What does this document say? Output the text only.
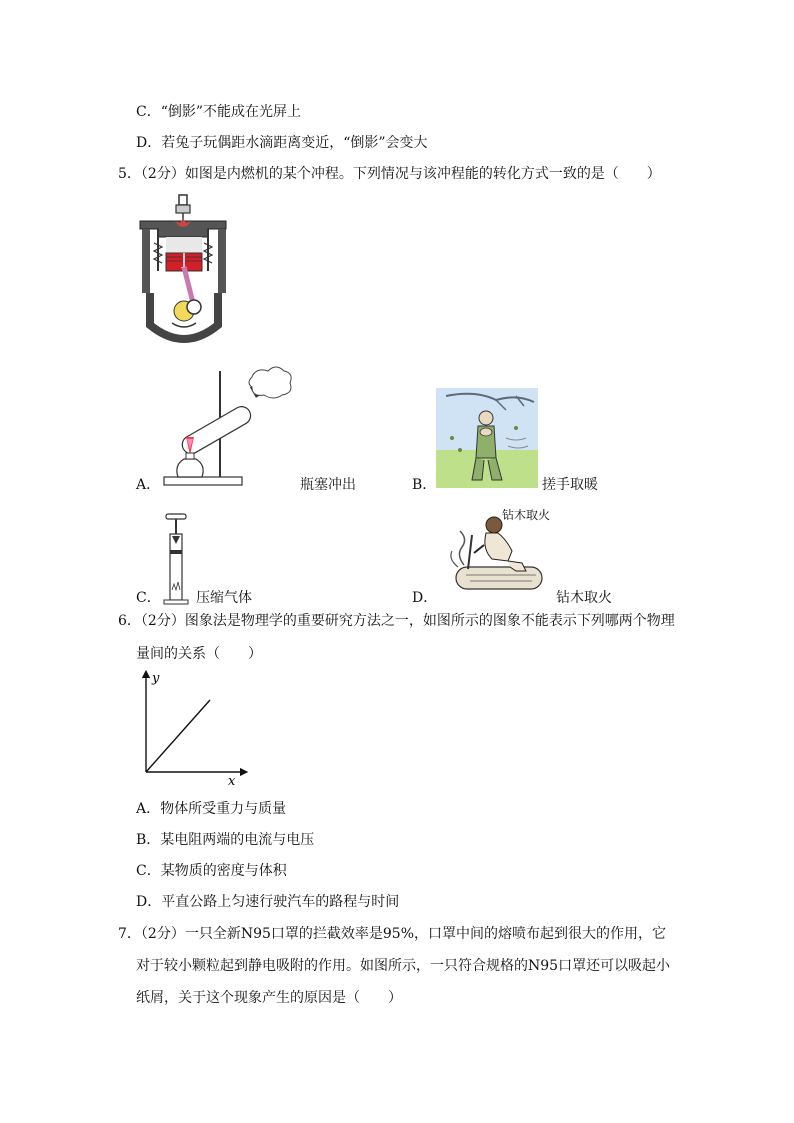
C．“倒影”不能成在光屏上
D．若兔子玩偶距水滴距离变近，“倒影”会变大
5．（2分）如图是内燃机的某个冲程。下列情况与该冲程能的转化方式一致的是（　　）
A．	瓶塞冲出	B．	搓手取暖
C．	压缩气体	D．
钻木取火
钻木取火
6．（2分）图象法是物理学的重要研究方法之一，如图所示的图象不能表示下列哪两个物理
量间的关系（　　）
y
x
A．物体所受重力与质量
B．某电阻两端的电流与电压
C．某物质的密度与体积
D．平直公路上匀速行驶汽车的路程与时间
7．（2分）一只全新N95口罩的拦截效率是95%，口罩中间的熔喷布起到很大的作用，它
对于较小颗粒起到静电吸附的作用。如图所示，一只符合规格的N95口罩还可以吸起小
纸屑，关于这个现象产生的原因是（　　）
